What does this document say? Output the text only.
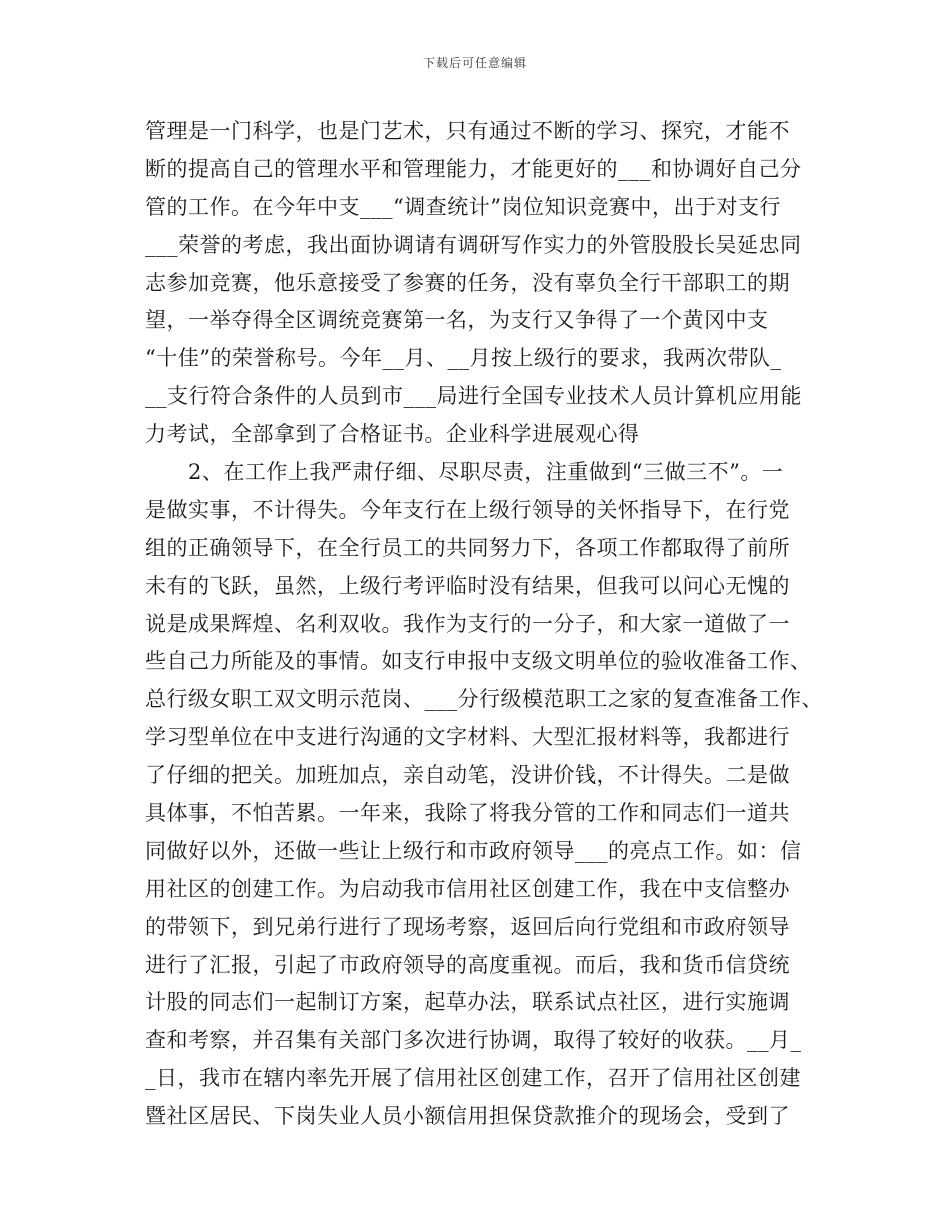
下载后可任意编辑
管理是一门科学，也是门艺术，只有通过不断的学习、探究，才能不
断的提高自己的管理水平和管理能力，才能更好的___和协调好自己分
管的工作。在今年中支___“调查统计”岗位知识竞赛中，出于对支行
___荣誉的考虑，我出面协调请有调研写作实力的外管股股长吴延忠同
志参加竞赛，他乐意接受了参赛的任务，没有辜负全行干部职工的期
望，一举夺得全区调统竞赛第一名，为支行又争得了一个黄冈中支
“十佳”的荣誉称号。今年__月、__月按上级行的要求，我两次带队_
__支行符合条件的人员到市___局进行全国专业技术人员计算机应用能
力考试，全部拿到了合格证书。企业科学进展观心得
　　2、在工作上我严肃仔细、尽职尽责，注重做到“三做三不”。一
是做实事，不计得失。今年支行在上级行领导的关怀指导下，在行党
组的正确领导下，在全行员工的共同努力下，各项工作都取得了前所
未有的飞跃，虽然，上级行考评临时没有结果，但我可以问心无愧的
说是成果辉煌、名利双收。我作为支行的一分子，和大家一道做了一
些自己力所能及的事情。如支行申报中支级文明单位的验收准备工作、
总行级女职工双文明示范岗、___分行级模范职工之家的复查准备工作、
学习型单位在中支进行沟通的文字材料、大型汇报材料等，我都进行
了仔细的把关。加班加点，亲自动笔，没讲价钱，不计得失。二是做
具体事，不怕苦累。一年来，我除了将我分管的工作和同志们一道共
同做好以外，还做一些让上级行和市政府领导___的亮点工作。如：信
用社区的创建工作。为启动我市信用社区创建工作，我在中支信整办
的带领下，到兄弟行进行了现场考察，返回后向行党组和市政府领导
进行了汇报，引起了市政府领导的高度重视。而后，我和货币信贷统
计股的同志们一起制订方案，起草办法，联系试点社区，进行实施调
查和考察，并召集有关部门多次进行协调，取得了较好的收获。__月_
_日，我市在辖内率先开展了信用社区创建工作，召开了信用社区创建
暨社区居民、下岗失业人员小额信用担保贷款推介的现场会，受到了
